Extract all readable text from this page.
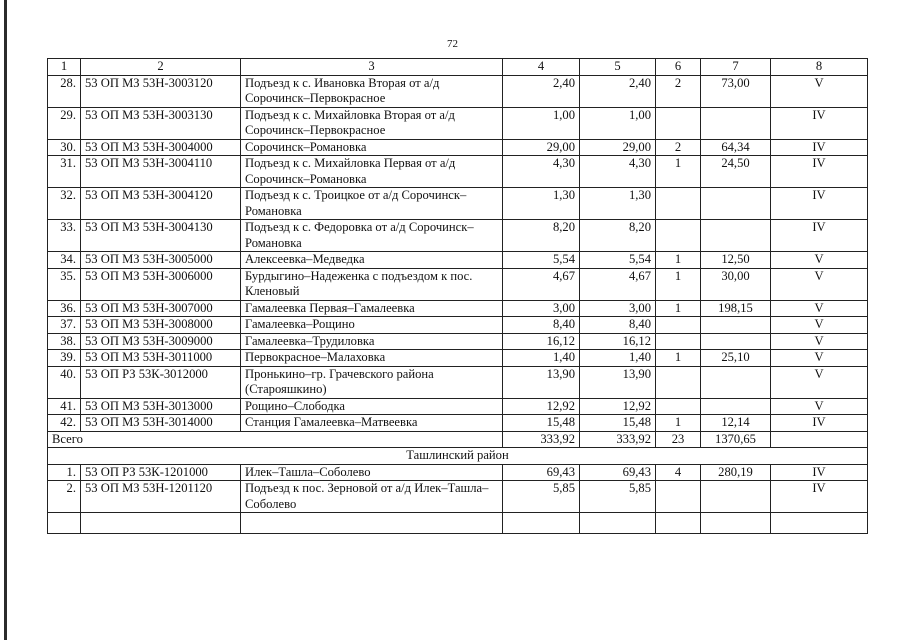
72
1	2	3	4	5	6	7	8
28.	53 ОП МЗ 53Н-3003120	Подъезд к с. Ивановка Вторая от а/д Сорочинск–Первокрасное	2,40	2,40	2	73,00	V
29.	53 ОП МЗ 53Н-3003130	Подъезд к с. Михайловка Вторая от а/д Сорочинск–Первокрасное	1,00	1,00			IV
30.	53 ОП МЗ 53Н-3004000	Сорочинск–Романовка	29,00	29,00	2	64,34	IV
31.	53 ОП МЗ 53Н-3004110	Подъезд к с. Михайловка Первая от а/д Сорочинск–Романовка	4,30	4,30	1	24,50	IV
32.	53 ОП МЗ 53Н-3004120	Подъезд к с. Троицкое от а/д Сорочинск–Романовка	1,30	1,30			IV
33.	53 ОП МЗ 53Н-3004130	Подъезд к с. Федоровка от а/д Сорочинск–Романовка	8,20	8,20			IV
34.	53 ОП МЗ 53Н-3005000	Алексеевка–Медведка	5,54	5,54	1	12,50	V
35.	53 ОП МЗ 53Н-3006000	Бурдыгино–Надеженка с подъездом к пос. Кленовый	4,67	4,67	1	30,00	V
36.	53 ОП МЗ 53Н-3007000	Гамалеевка Первая–Гамалеевка	3,00	3,00	1	198,15	V
37.	53 ОП МЗ 53Н-3008000	Гамалеевка–Рощино	8,40	8,40			V
38.	53 ОП МЗ 53Н-3009000	Гамалеевка–Трудиловка	16,12	16,12			V
39.	53 ОП МЗ 53Н-3011000	Первокрасное–Малаховка	1,40	1,40	1	25,10	V
40.	53 ОП РЗ 53К-3012000	Пронькино–гр. Грачевского района (Старояшкино)	13,90	13,90			V
41.	53 ОП МЗ 53Н-3013000	Рощино–Слободка	12,92	12,92			V
42.	53 ОП МЗ 53Н-3014000	Станция Гамалеевка–Матвеевка	15,48	15,48	1	12,14	IV
Всего			333,92	333,92	23	1370,65	
Ташлинский район							
1.	53 ОП РЗ 53К-1201000	Илек–Ташла–Соболево	69,43	69,43	4	280,19	IV
2.	53 ОП МЗ 53Н-1201120	Подъезд к пос. Зерновой от а/д Илек–Ташла–Соболево	5,85	5,85			IV
